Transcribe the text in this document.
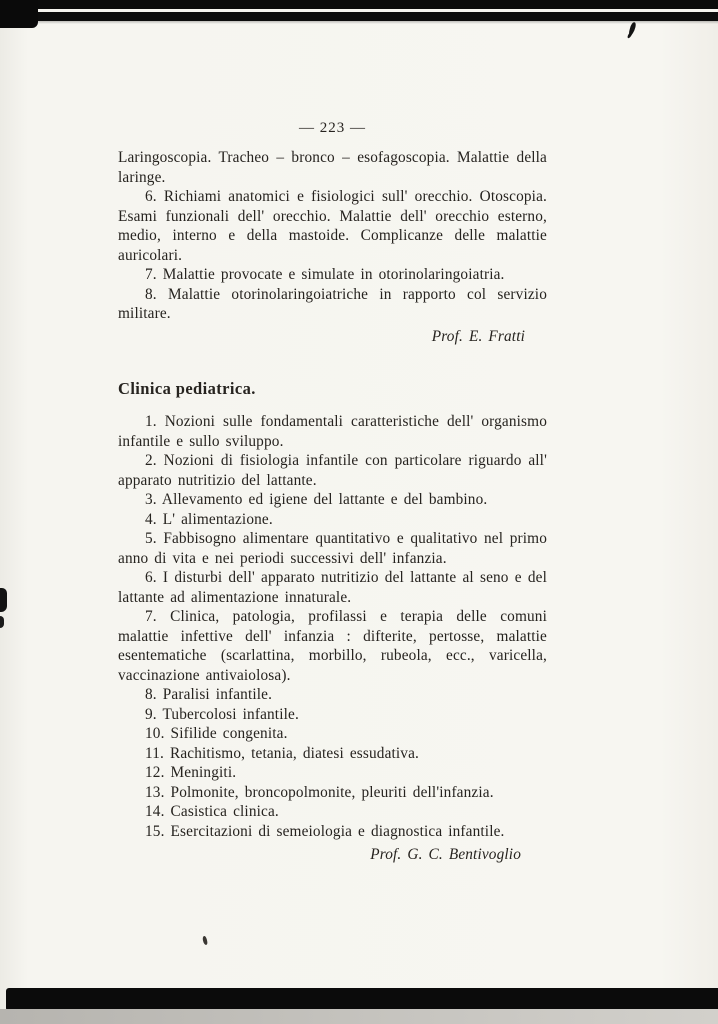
— 223 —

Laringoscopia. Tracheo – bronco – esofagoscopia. Malattie della laringe.

6. Richiami anatomici e fisiologici sull' orecchio. Otoscopia. Esami funzionali dell' orecchio. Malattie dell' orecchio esterno, medio, interno e della mastoide. Complicanze delle malattie auricolari.

7. Malattie provocate e simulate in otorinolaringoiatria.

8. Malattie otorinolaringoiatriche in rapporto col servizio militare.

Prof. E. Fratti

Clinica pediatrica.

1. Nozioni sulle fondamentali caratteristiche dell' organismo infantile e sullo sviluppo.

2. Nozioni di fisiologia infantile con particolare riguardo all' apparato nutritizio del lattante.

3. Allevamento ed igiene del lattante e del bambino.

4. L' alimentazione.

5. Fabbisogno alimentare quantitativo e qualitativo nel primo anno di vita e nei periodi successivi dell' infanzia.

6. I disturbi dell' apparato nutritizio del lattante al seno e del lattante ad alimentazione innaturale.

7. Clinica, patologia, profilassi e terapia delle comuni malattie infettive dell' infanzia : difterite, pertosse, malattie esentematiche (scarlattina, morbillo, rubeola, ecc., varicella, vaccinazione antivaiolosa).

8. Paralisi infantile.

9. Tubercolosi infantile.

10. Sifilide congenita.

11. Rachitismo, tetania, diatesi essudativa.

12. Meningiti.

13. Polmonite, broncopolmonite, pleuriti dell'infanzia.

14. Casistica clinica.

15. Esercitazioni di semeiologia e diagnostica infantile.

Prof. G. C. Bentivoglio
